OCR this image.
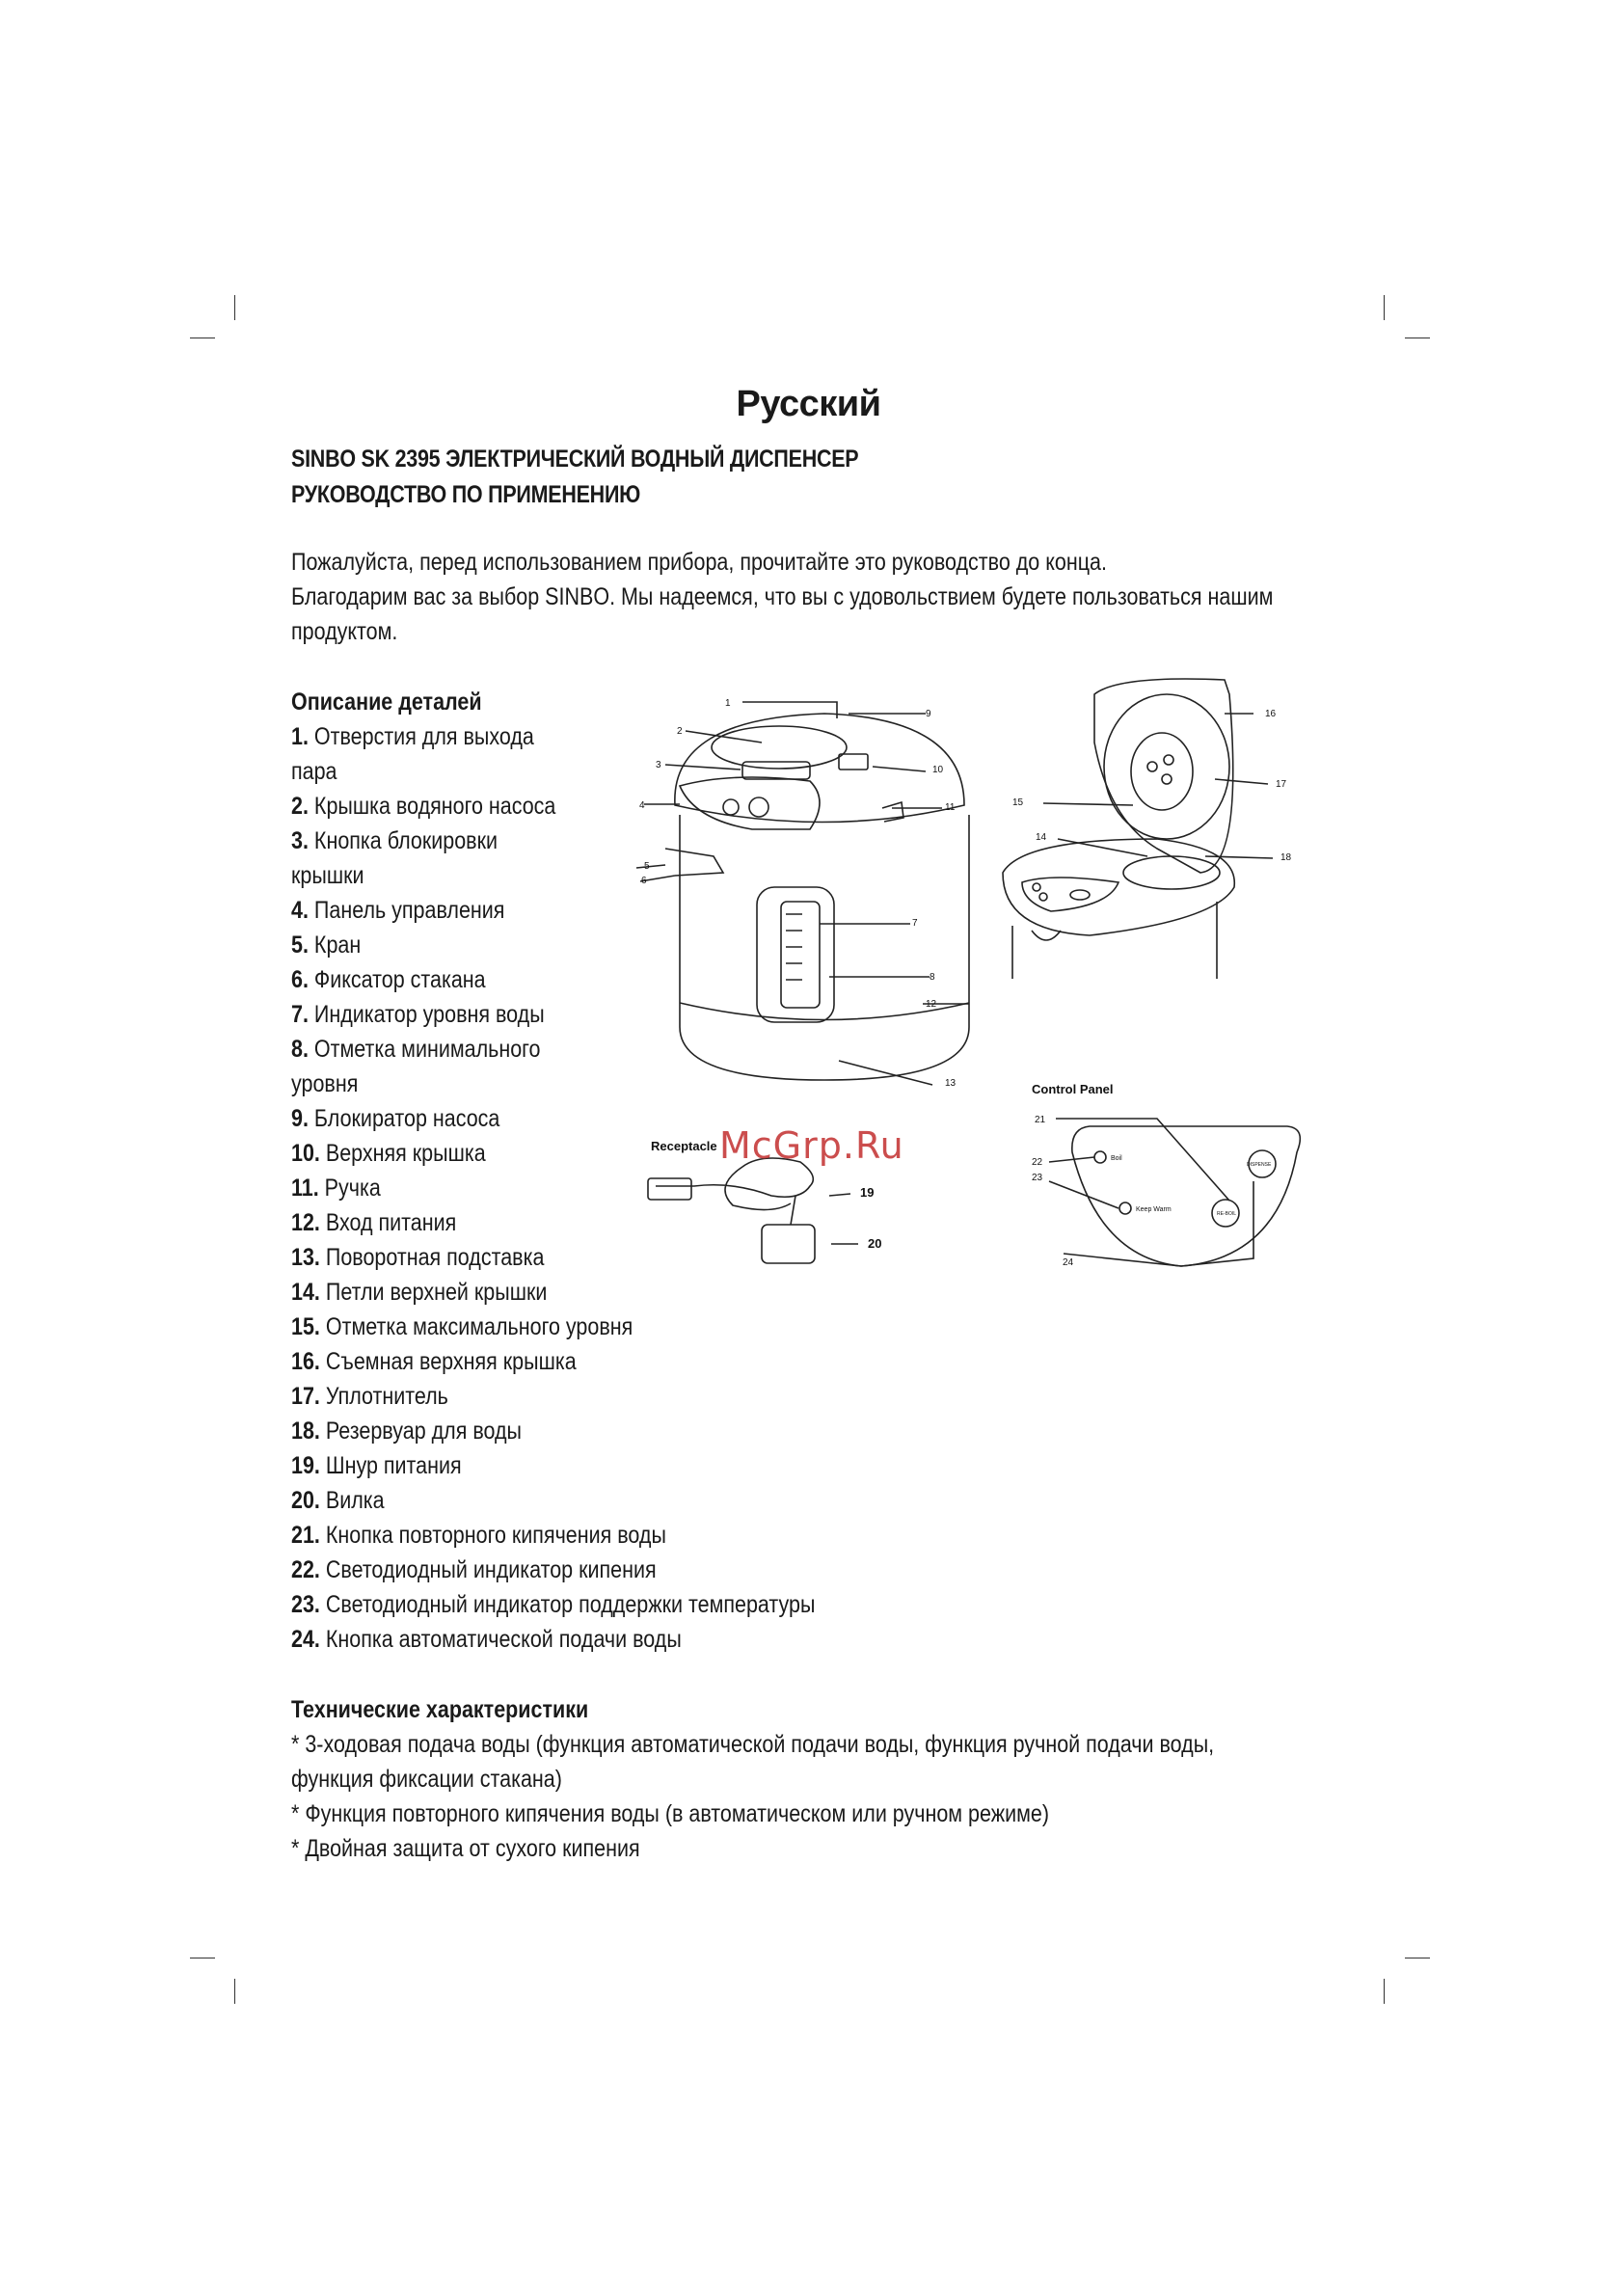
Русский
SINBO SK 2395 ЭЛЕКТРИЧЕСКИЙ ВОДНЫЙ ДИСПЕНСЕР
РУКОВОДСТВО ПО ПРИМЕНЕНИЮ
Пожалуйста, перед использованием прибора, прочитайте это руководство до конца.
Благодарим вас за выбор SINBO. Мы надеемся, что вы с удовольствием будете пользоваться нашим
продуктом.
Описание деталей
1. Отверстия для выхода
пара
2. Крышка водяного насоса
3. Кнопка блокировки
крышки
4. Панель управления
5. Кран
6. Фиксатор стакана
7. Индикатор уровня воды
8. Отметка минимального
уровня
9. Блокиратор насоса
10. Верхняя крышка
11. Ручка
12. Вход питания
13. Поворотная подставка
14. Петли верхней крышки
15. Отметка максимального уровня
16. Съемная верхняя крышка
17. Уплотнитель
18. Резервуар для воды
19. Шнур питания
20. Вилка
21. Кнопка повторного кипячения воды
22. Светодиодный индикатор кипения
23. Светодиодный индикатор поддержки температуры
24. Кнопка автоматической подачи воды
Технические характеристики
* 3-ходовая подача воды (функция автоматической подачи воды, функция ручной подачи воды,
функция фиксации стакана)
* Функция повторного кипячения воды (в автоматическом или ручном режиме)
* Двойная защита от сухого кипения
1
2
3
4
5
6
7
8
9
10
11
12
13
14
15
16
17
18
19
20
21
22
23
24
Receptacle
Control Panel
Boil
Keep Warm
RE-BOIL
DISPENSE
McGrp.Ru
